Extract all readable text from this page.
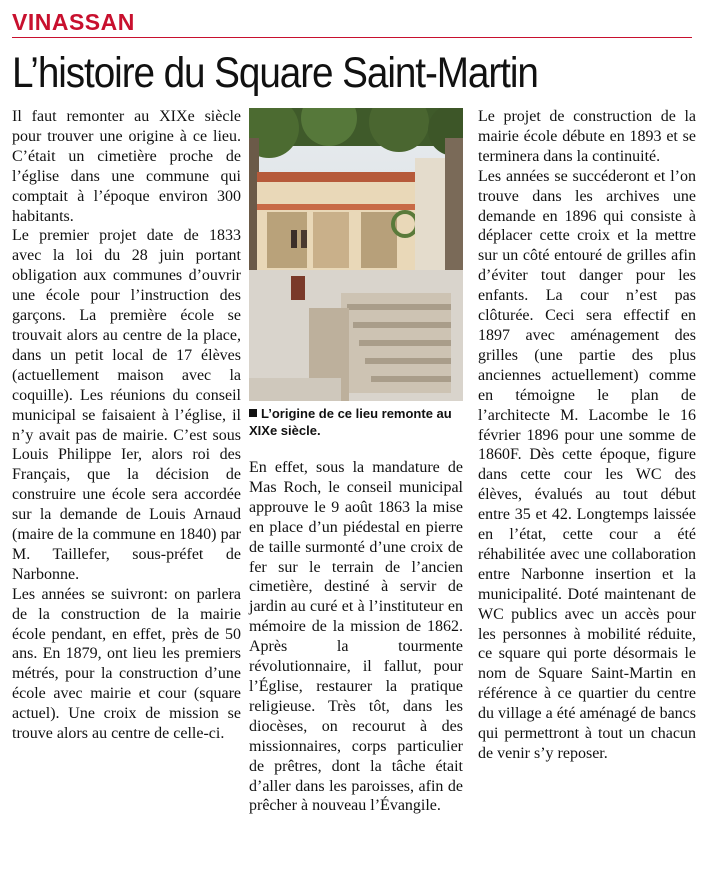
VINASSAN
L’histoire du Square Saint-Martin

Il faut remonter au XIXe siècle pour trouver une origine à ce lieu. C’était un cimetière proche de l’église dans une commune qui comptait à l’époque environ 300 habitants.

Le premier projet date de 1833 avec la loi du 28 juin portant obligation aux communes d’ouvrir une école pour l’instruction des garçons. La première école se trouvait alors au centre de la place, dans un petit local de 17 élèves (actuellement maison avec la coquille). Les réunions du conseil municipal se faisaient à l’église, il n’y avait pas de mairie. C’est sous Louis Philippe Ier, alors roi des Français, que la décision de construire une école sera accordée sur la demande de Louis Arnaud (maire de la commune en 1840) par M. Taillefer, sous-préfet de Narbonne.

Les années se suivront: on parlera de la construction de la mairie école pendant, en effet, près de 50 ans. En 1879, ont lieu les premiers métrés, pour la construction d’une école avec mairie et cour (square actuel). Une croix de mission se trouve alors au centre de celle-ci.

L’origine de ce lieu remonte au XIXe siècle.

En effet, sous la mandature de Mas Roch, le conseil municipal approuve le 9 août 1863 la mise en place d’un piédestal en pierre de taille surmonté d’une croix de fer sur le terrain de l’ancien cimetière, destiné à servir de jardin au curé et à l’instituteur en mémoire de la mission de 1862. Après la tourmente révolutionnaire, il fallut, pour l’Église, restaurer la pratique religieuse. Très tôt, dans les diocèses, on recourut à des missionnaires, corps particulier de prêtres, dont la tâche était d’aller dans les paroisses, afin de prêcher à nouveau l’Évangile.

Le projet de construction de la mairie école débute en 1893 et se terminera dans la continuité.

Les années se succéderont et l’on trouve dans les archives une demande en 1896 qui consiste à déplacer cette croix et la mettre sur un côté entouré de grilles afin d’éviter tout danger pour les enfants. La cour n’est pas clôturée. Ceci sera effectif en 1897 avec aménagement des grilles (une partie des plus anciennes actuellement) comme en témoigne le plan de l’architecte M. Lacombe le 16 février 1896 pour une somme de 1860F. Dès cette époque, figure dans cette cour les WC des élèves, évalués au tout début entre 35 et 42. Longtemps laissée en l’état, cette cour a été réhabilitée avec une collaboration entre Narbonne insertion et la municipalité. Doté maintenant de WC publics avec un accès pour les personnes à mobilité réduite, ce square qui porte désormais le nom de Square Saint-Martin en référence à ce quartier du centre du village a été aménagé de bancs qui permettront à tout un chacun de venir s’y reposer.
